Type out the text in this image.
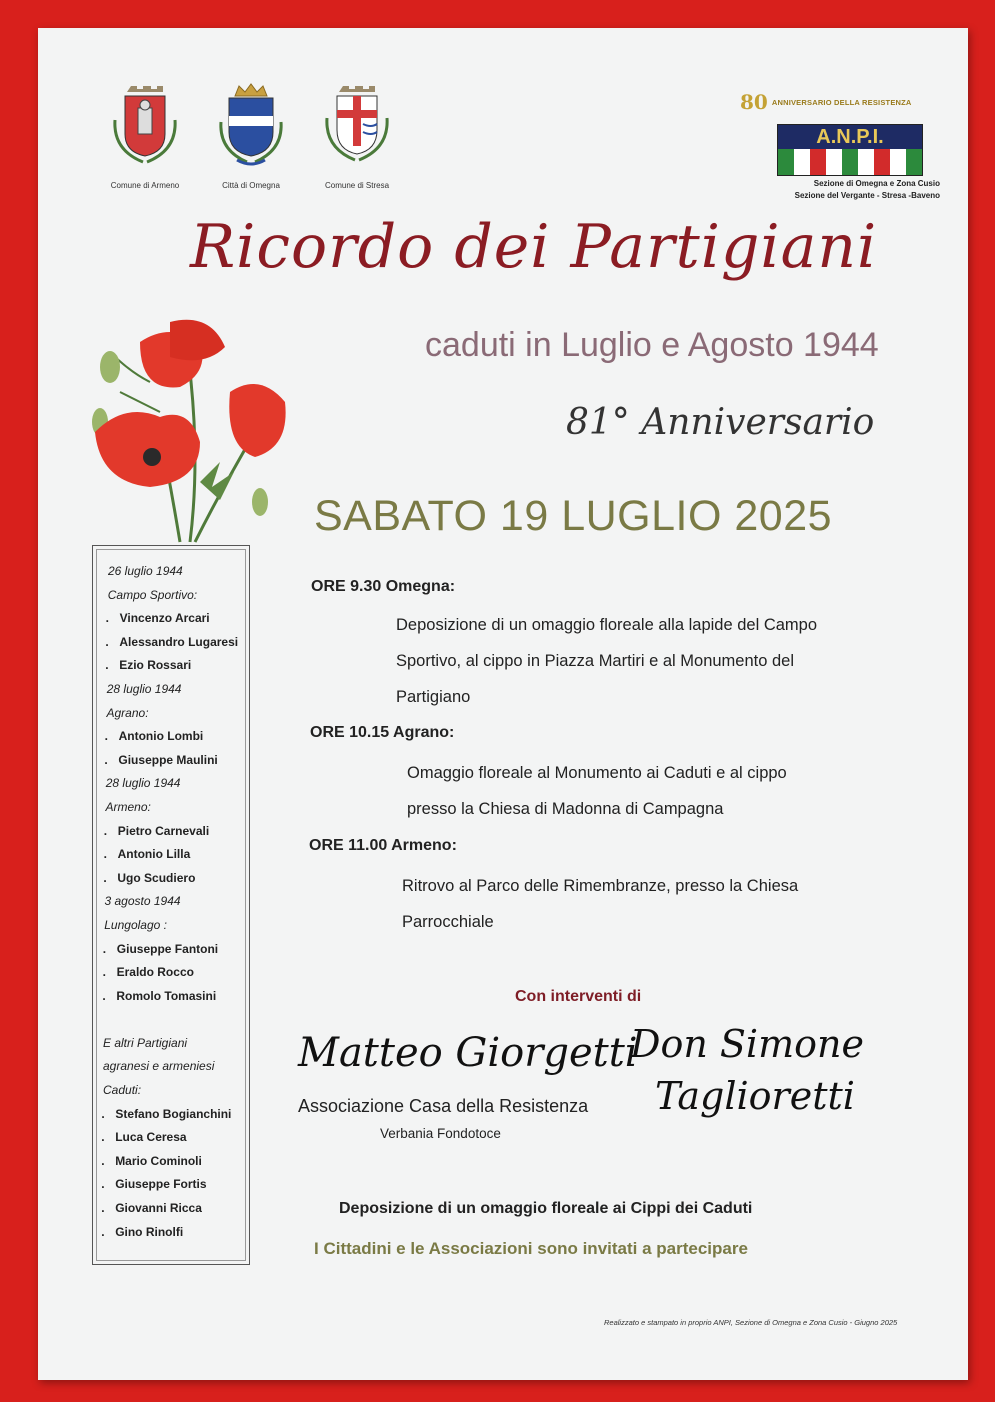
Comune di Armeno	Città di Omegna	Comune di Stresa
80 ANNIVERSARIO DELLA RESISTENZA
A.N.P.I.
Sezione di Omegna e Zona Cusio
Sezione del Vergante - Stresa -Baveno
Ricordo dei Partigiani
caduti in Luglio e Agosto 1944
81° Anniversario
SABATO 19 LUGLIO 2025
26 luglio 1944
Campo Sportivo:
. Vincenzo Arcari
. Alessandro Lugaresi
. Ezio Rossari
28 luglio 1944
Agrano:
. Antonio Lombi
. Giuseppe Maulini
28 luglio 1944
Armeno:
. Pietro Carnevali
. Antonio Lilla
. Ugo Scudiero
3 agosto 1944
Lungolago :
. Giuseppe Fantoni
. Eraldo Rocco
. Romolo Tomasini
E altri Partigiani
agranesi e armeniesi
Caduti:
. Stefano Bogianchini
. Luca Ceresa
. Mario Cominoli
. Giuseppe Fortis
. Giovanni Ricca
. Gino Rinolfi
ORE 9.30 Omegna:
Deposizione di un omaggio floreale alla lapide del Campo
Sportivo, al cippo in Piazza Martiri e al Monumento del
Partigiano
ORE 10.15 Agrano:
Omaggio floreale al Monumento ai Caduti e al cippo
presso la Chiesa di Madonna di Campagna
ORE 11.00 Armeno:
Ritrovo al Parco delle Rimembranze, presso la Chiesa
Parrocchiale
Con interventi di
Matteo Giorgetti
Associazione Casa della Resistenza
Verbania Fondotoce
Don Simone
Taglioretti
Deposizione di un omaggio floreale ai Cippi dei Caduti
I Cittadini e le Associazioni sono invitati a partecipare
Realizzato e stampato in proprio ANPI, Sezione di Omegna e Zona Cusio - Giugno 2025
